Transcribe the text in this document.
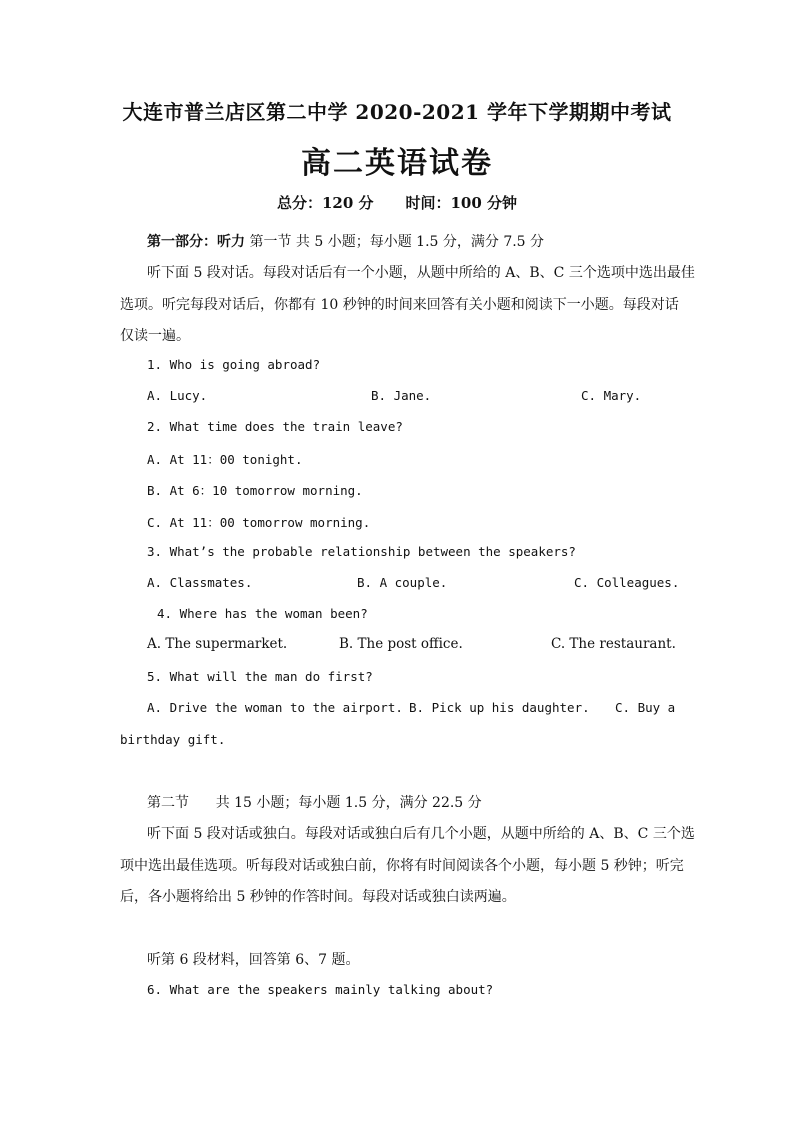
大连市普兰店区第二中学 2020-2021 学年下学期期中考试
高二英语试卷
总分：120 分 时间：100 分钟
第一部分：听力 第一节 共 5 小题；每小题 1.5 分，满分 7.5 分
听下面 5 段对话。每段对话后有一个小题，从题中所给的 A、B、C 三个选项中选出最佳
选项。听完每段对话后，你都有 10 秒钟的时间来回答有关小题和阅读下一小题。每段对话
仅读一遍。
1. Who is going abroad?
A. Lucy.	B. Jane.	C. Mary.
2. What time does the train leave?
A. At 11：00 tonight.
B. At 6：10 tomorrow morning.
C. At 11：00 tomorrow morning.
3. What’s the probable relationship between the speakers?
A. Classmates.	B. A couple.	C. Colleagues.
4. Where has the woman been?
A. The supermarket.	B. The post office.	C. The restaurant.
5. What will the man do first?
A. Drive the woman to the airport. B. Pick up his daughter. C. Buy a
birthday gift.
第二节      共 15 小题；每小题 1.5 分，满分 22.5 分
听下面 5 段对话或独白。每段对话或独白后有几个小题，从题中所给的 A、B、C 三个选
项中选出最佳选项。听每段对话或独白前，你将有时间阅读各个小题，每小题 5 秒钟；听完
后，各小题将给出 5 秒钟的作答时间。每段对话或独白读两遍。
听第 6 段材料，回答第 6、7 题。
6. What are the speakers mainly talking about?
